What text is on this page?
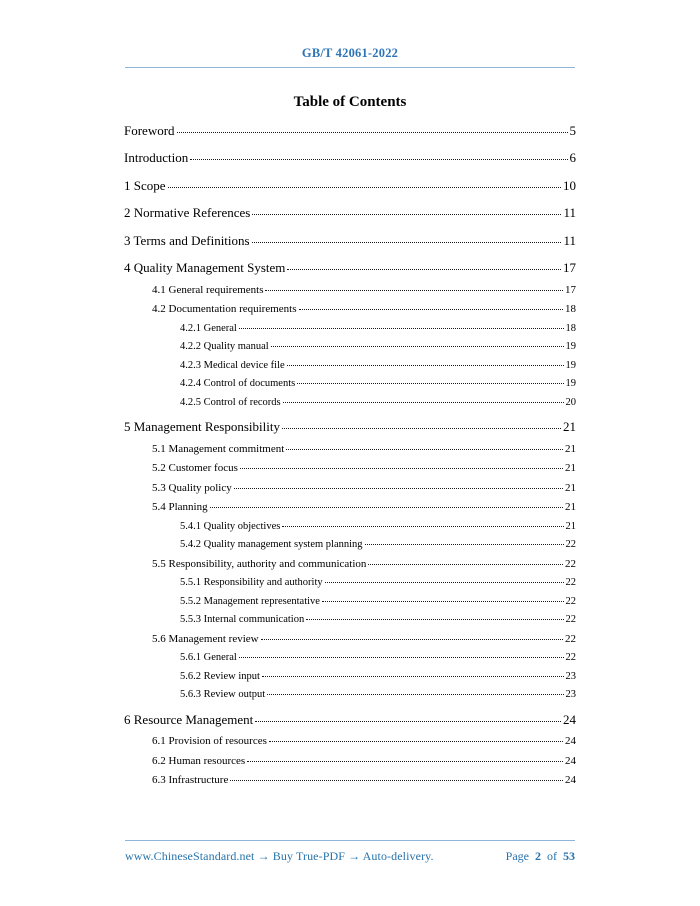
GB/T 42061-2022
Table of Contents
Foreword	5
Introduction	6
1 Scope	10
2 Normative References	11
3 Terms and Definitions	11
4 Quality Management System	17
4.1 General requirements	17
4.2 Documentation requirements	18
4.2.1 General	18
4.2.2 Quality manual	19
4.2.3 Medical device file	19
4.2.4 Control of documents	19
4.2.5 Control of records	20
5 Management Responsibility	21
5.1 Management commitment	21
5.2 Customer focus	21
5.3 Quality policy	21
5.4 Planning	21
5.4.1 Quality objectives	21
5.4.2 Quality management system planning	22
5.5 Responsibility, authority and communication	22
5.5.1 Responsibility and authority	22
5.5.2 Management representative	22
5.5.3 Internal communication	22
5.6 Management review	22
5.6.1 General	22
5.6.2 Review input	23
5.6.3 Review output	23
6 Resource Management	24
6.1 Provision of resources	24
6.2 Human resources	24
6.3 Infrastructure	24
www.ChineseStandard.net → Buy True-PDF → Auto-delivery.	Page 2 of 53
